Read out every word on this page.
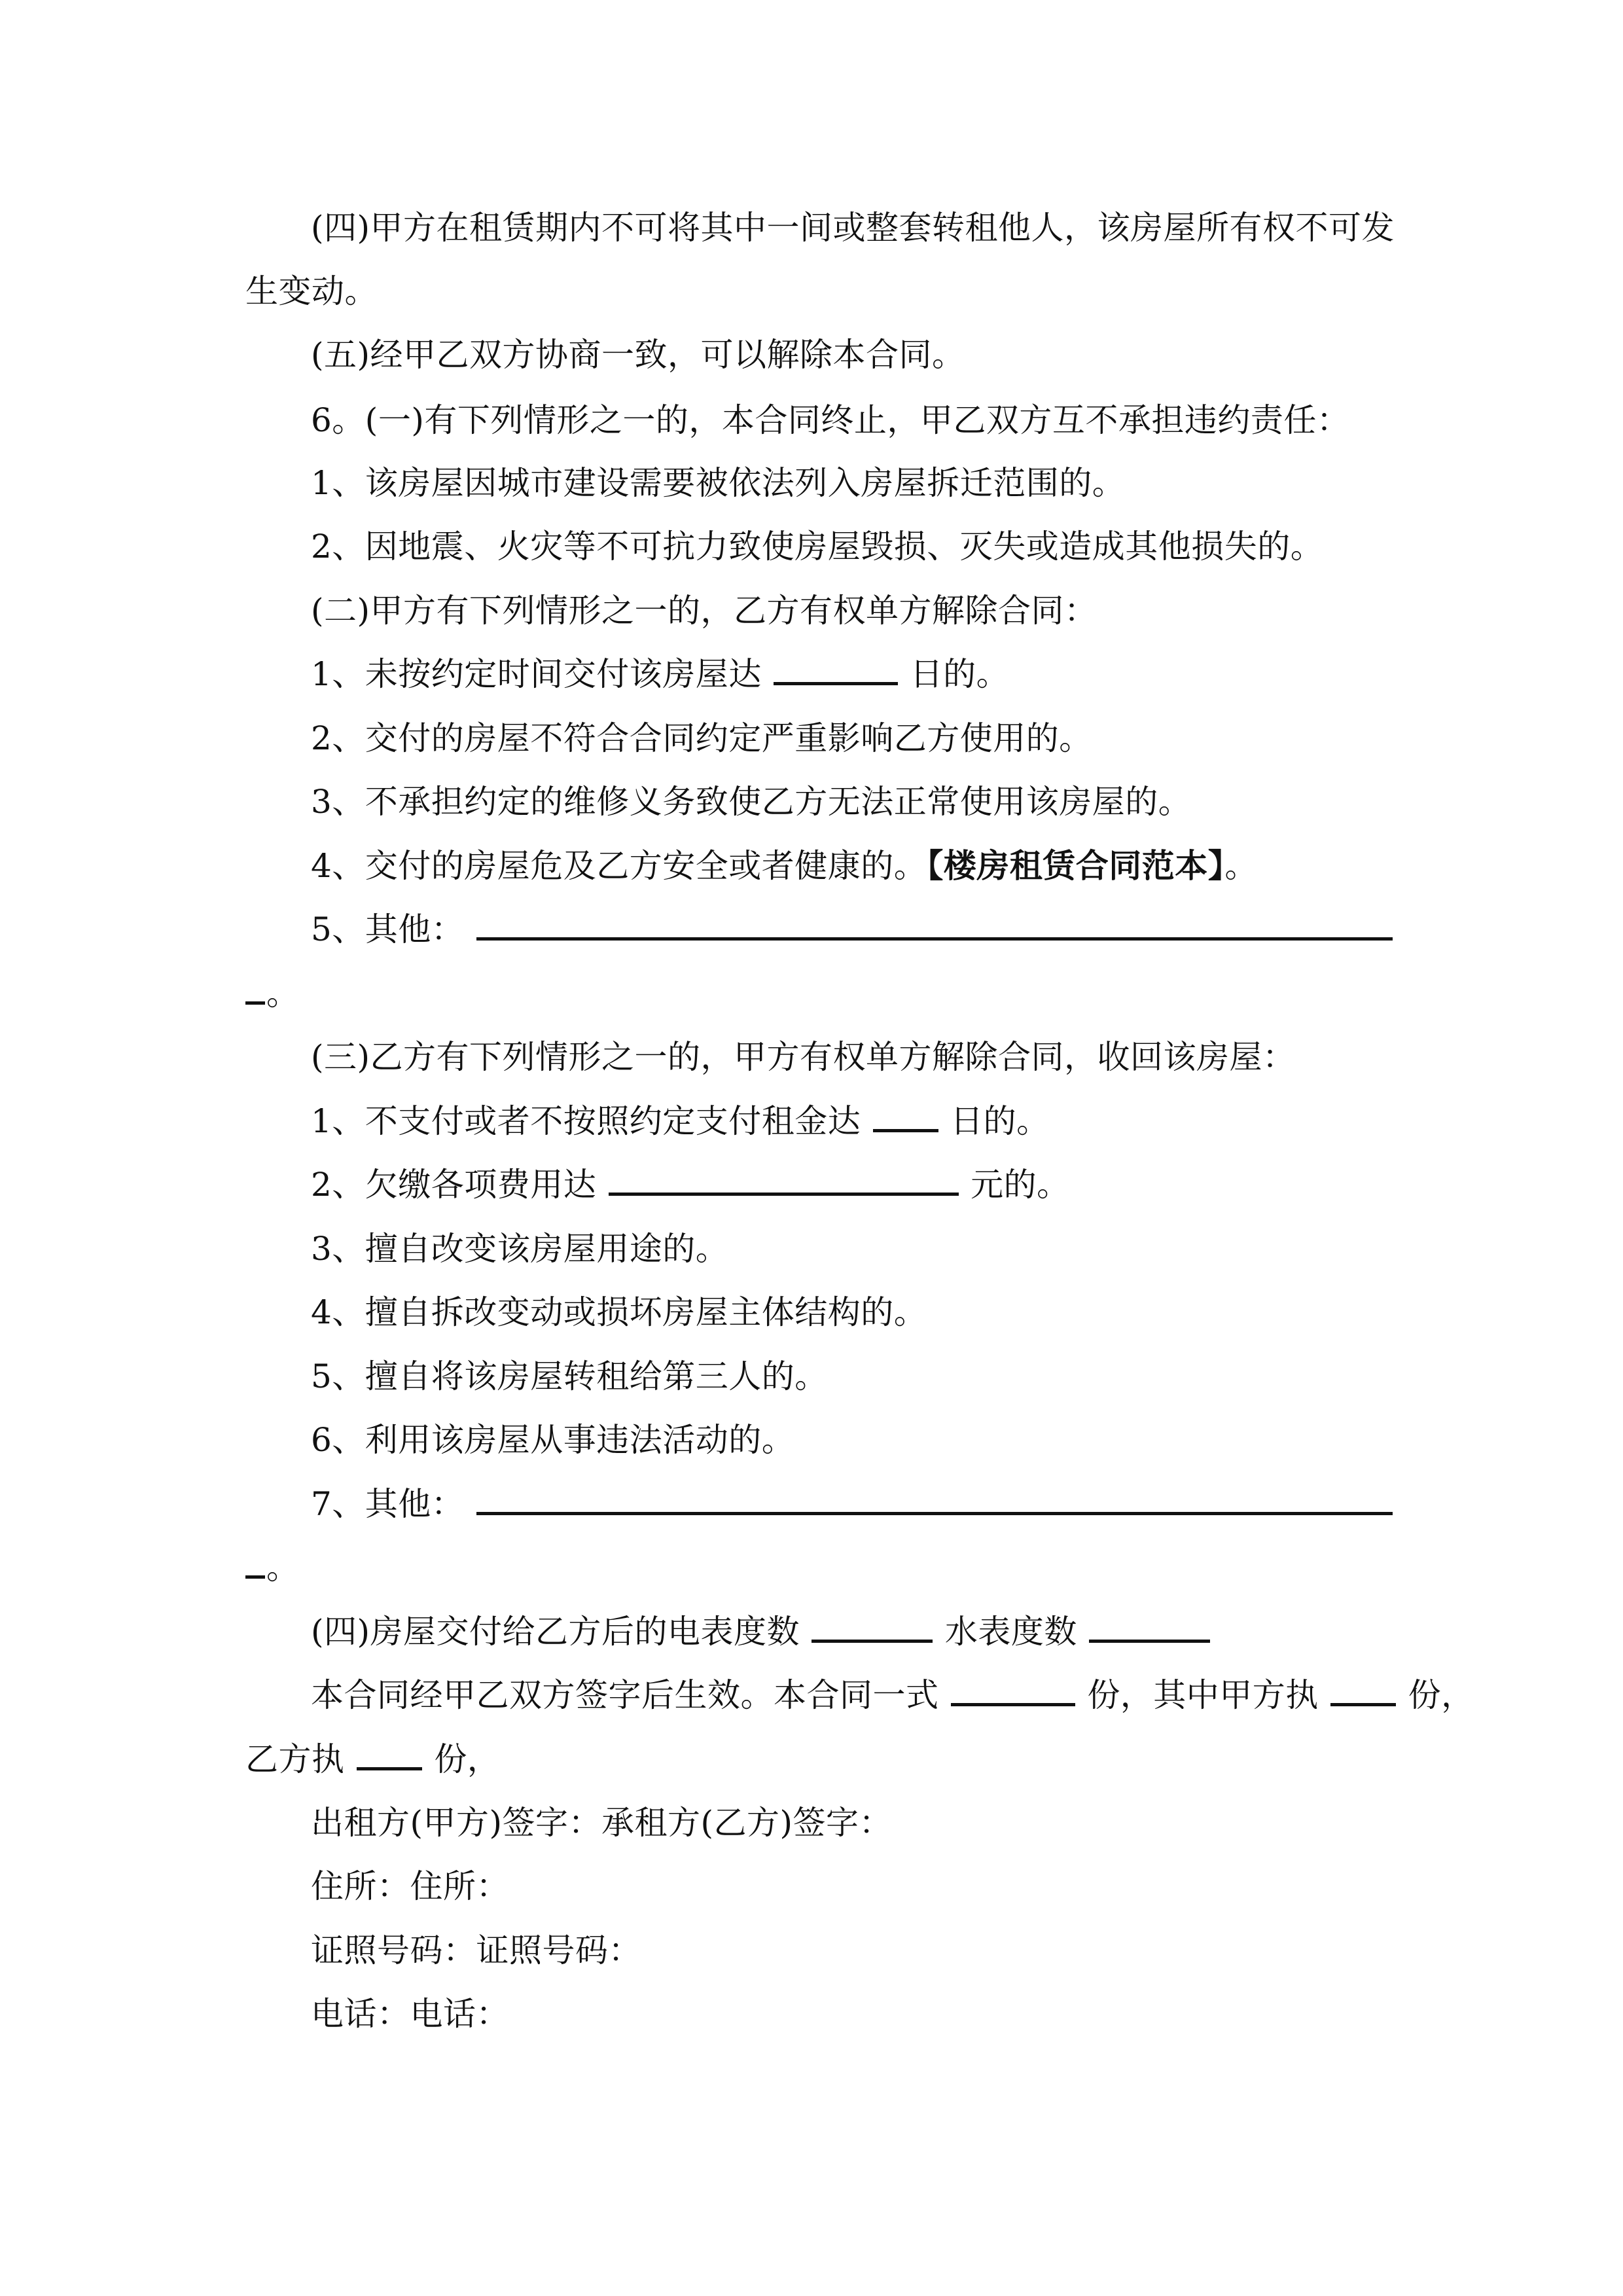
(四)甲方在租赁期内不可将其中一间或整套转租他人，该房屋所有权不可发
生变动。
(五)经甲乙双方协商一致，可以解除本合同。
6。(一)有下列情形之一的，本合同终止，甲乙双方互不承担违约责任：
1、该房屋因城市建设需要被依法列入房屋拆迁范围的。
2、因地震、火灾等不可抗力致使房屋毁损、灭失或造成其他损失的。
(二)甲方有下列情形之一的，乙方有权单方解除合同：
1、未按约定时间交付该房屋达	日的。
2、交付的房屋不符合合同约定严重影响乙方使用的。
3、不承担约定的维修义务致使乙方无法正常使用该房屋的。
4、交付的房屋危及乙方安全或者健康的。【楼房租赁合同范本】。
5、其他：
。
(三)乙方有下列情形之一的，甲方有权单方解除合同，收回该房屋：
1、不支付或者不按照约定支付租金达	日的。
2、欠缴各项费用达	元的。
3、擅自改变该房屋用途的。
4、擅自拆改变动或损坏房屋主体结构的。
5、擅自将该房屋转租给第三人的。
6、利用该房屋从事违法活动的。
7、其他：
。
(四)房屋交付给乙方后的电表度数	水表度数
本合同经甲乙双方签字后生效。本合同一式	份，其中甲方执	份，
乙方执	份，
出租方(甲方)签字：承租方(乙方)签字：
住所：住所：
证照号码：证照号码：
电话：电话：
